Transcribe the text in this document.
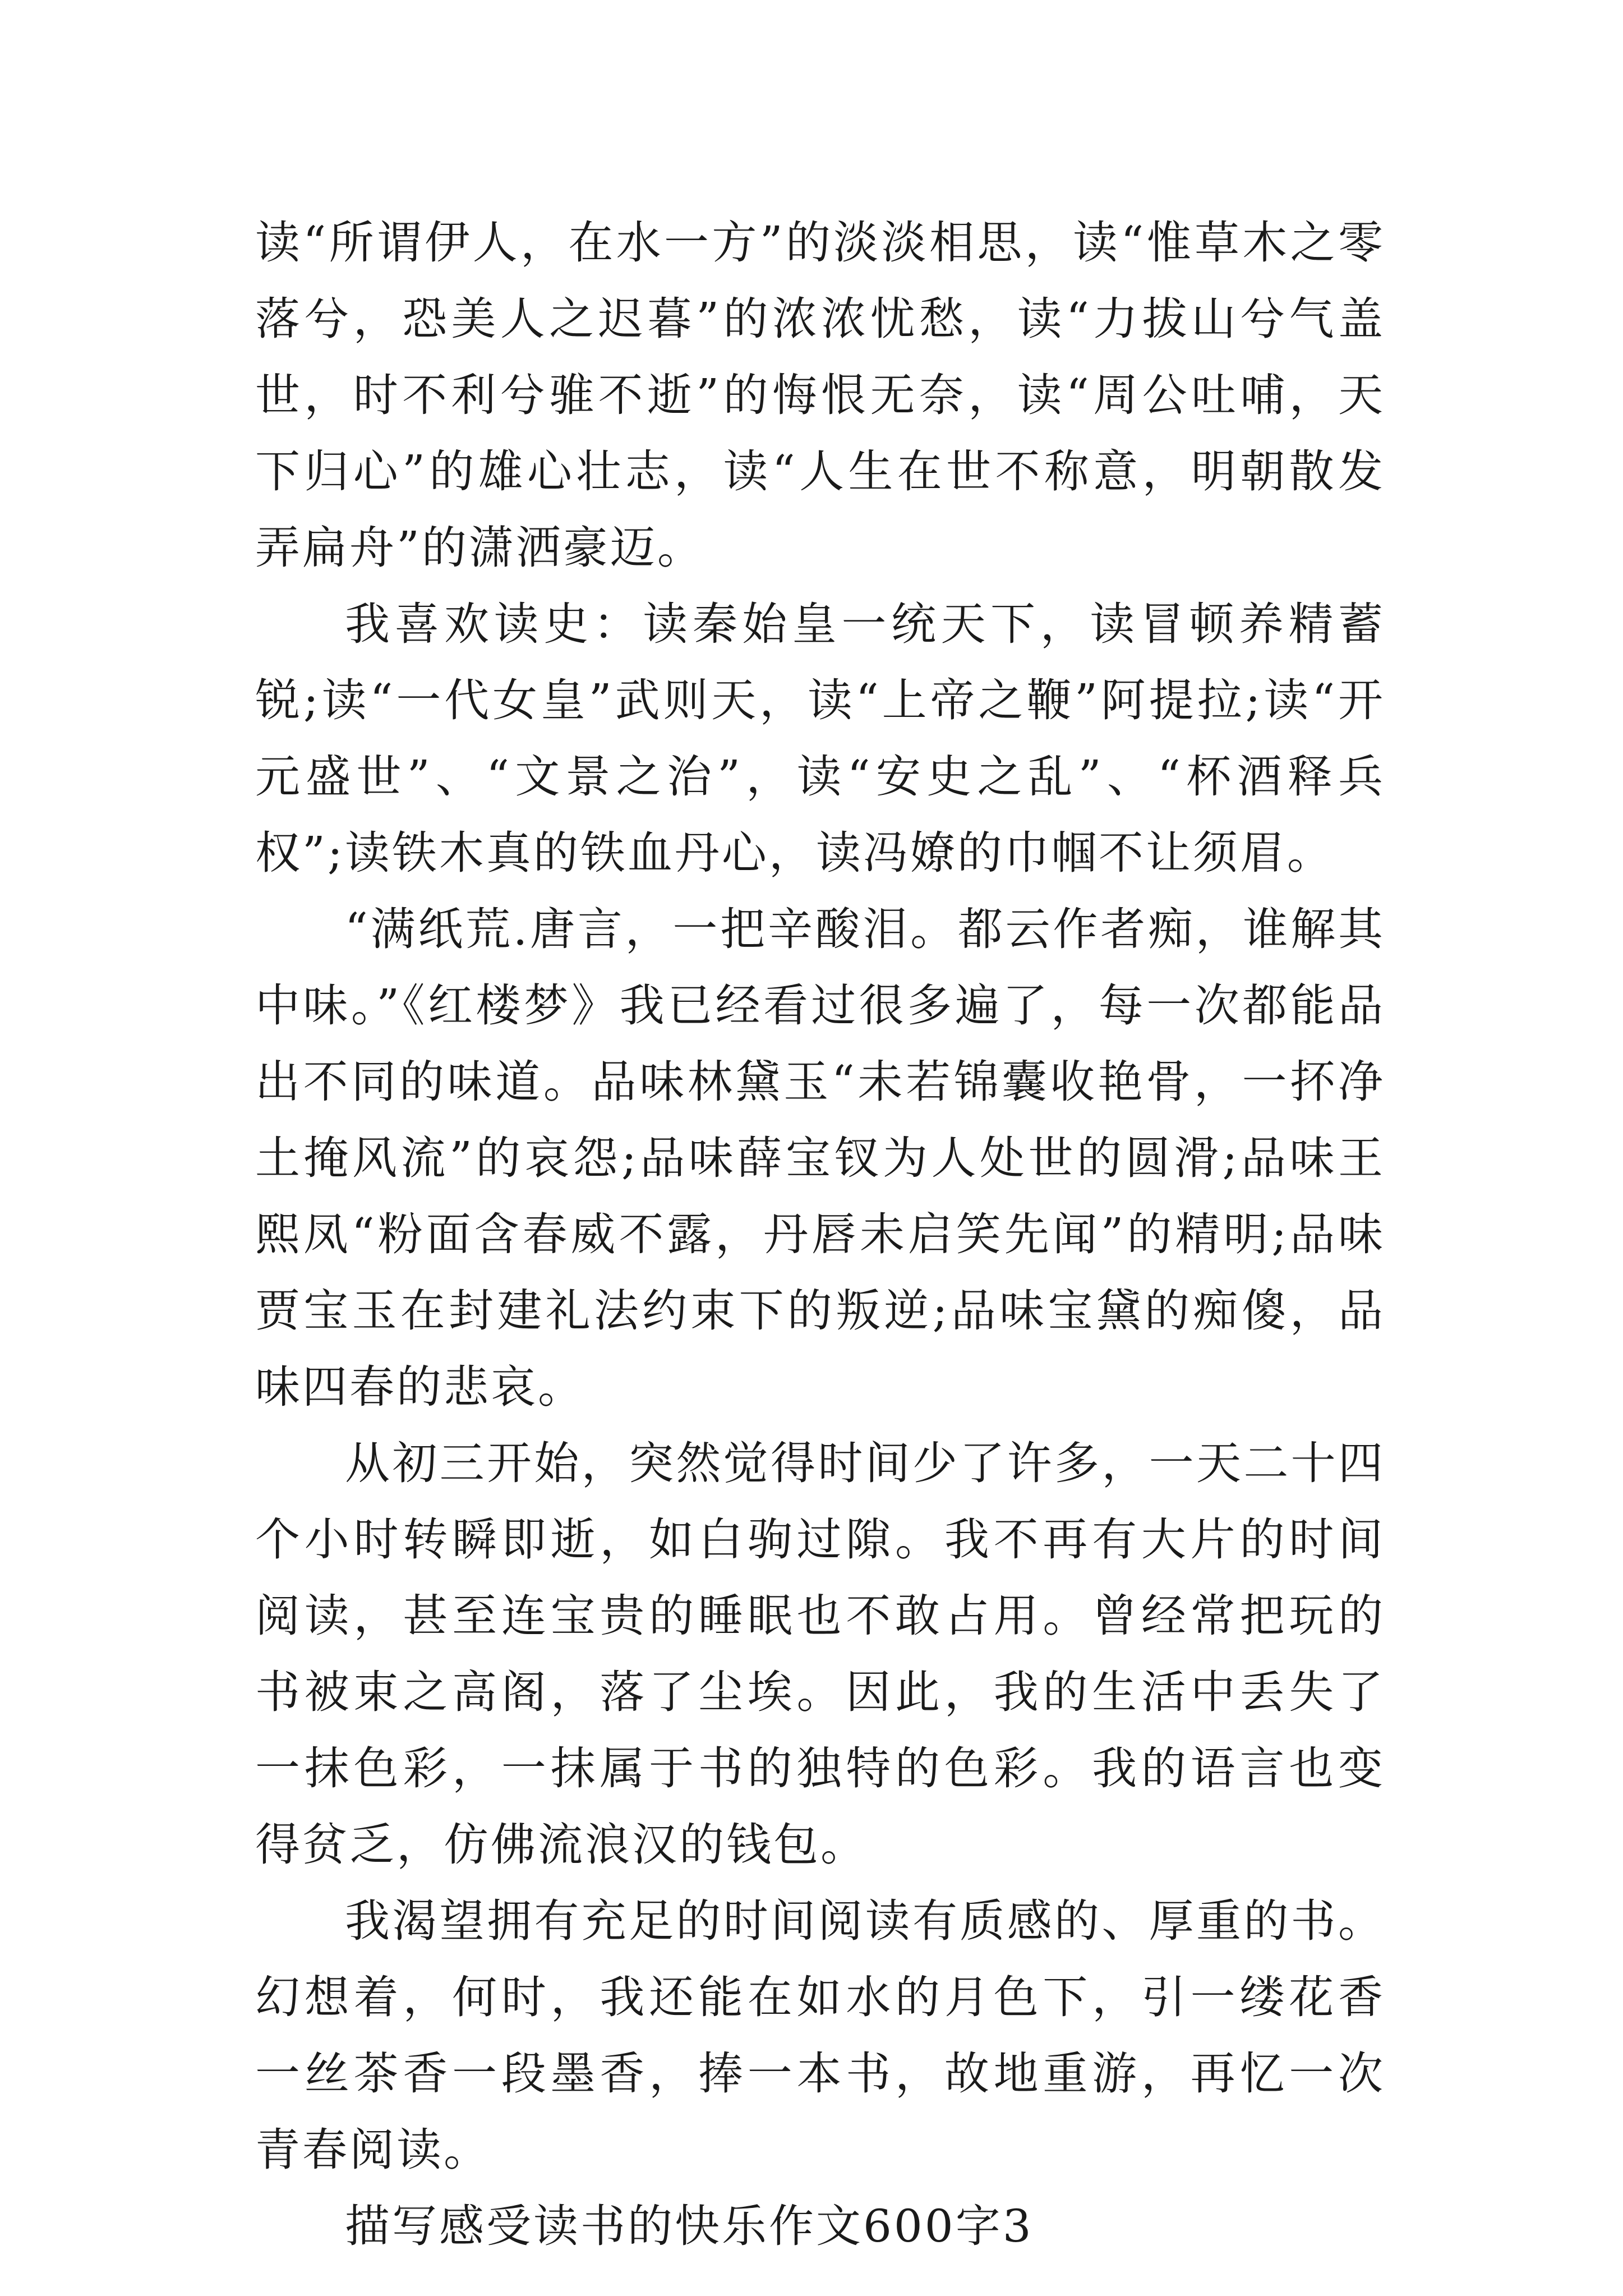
读“所谓伊人，在水一方”的淡淡相思，读“惟草木之零落兮，恐美人之迟暮”的浓浓忧愁，读“力拔山兮气盖世，时不利兮骓不逝”的悔恨无奈，读“周公吐哺，天下归心”的雄心壮志，读“人生在世不称意，明朝散发弄扁舟”的潇洒豪迈。

我喜欢读史：读秦始皇一统天下，读冒顿养精蓄锐;读“一代女皇”武则天，读“上帝之鞭”阿提拉;读“开元盛世”、“文景之治”，读“安史之乱”、“杯酒释兵权”;读铁木真的铁血丹心，读冯嫽的巾帼不让须眉。

“满纸荒.唐言，一把辛酸泪。都云作者痴，谁解其中味。”《红楼梦》我已经看过很多遍了，每一次都能品出不同的味道。品味林黛玉“未若锦囊收艳骨，一抔净土掩风流”的哀怨;品味薛宝钗为人处世的圆滑;品味王熙凤“粉面含春威不露，丹唇未启笑先闻”的精明;品味贾宝玉在封建礼法约束下的叛逆;品味宝黛的痴傻，品味四春的悲哀。

从初三开始，突然觉得时间少了许多，一天二十四个小时转瞬即逝，如白驹过隙。我不再有大片的时间阅读，甚至连宝贵的睡眠也不敢占用。曾经常把玩的书被束之高阁，落了尘埃。因此，我的生活中丢失了一抹色彩，一抹属于书的独特的色彩。我的语言也变得贫乏，仿佛流浪汉的钱包。

我渴望拥有充足的时间阅读有质感的、厚重的书。幻想着，何时，我还能在如水的月色下，引一缕花香一丝茶香一段墨香，捧一本书，故地重游，再忆一次青春阅读。

描写感受读书的快乐作文600字3
